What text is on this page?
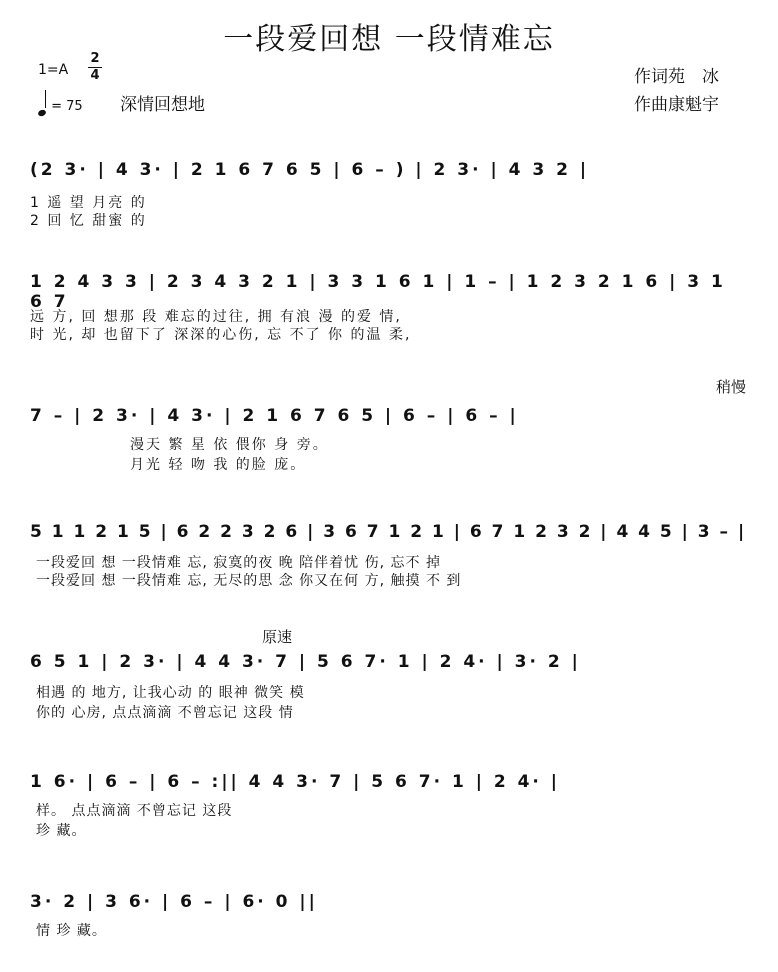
一段爱回想 一段情难忘
1=A
2
4
= 75 深情回想地
作词苑　冰
作曲康魁宇
(2 3· | 4 3· | 2 1 6 7 6 5 | 6 – ) | 2 3· | 4 3 2 |
1 遥 望 月亮 的
2 回 忆 甜蜜 的
1 2 4 3 3 | 2 3 4 3 2 1 | 3 3 1 6 1 | 1 – | 1 2 3 2 1 6 | 3 1 6 7
远 方, 回 想那 段 难忘的过往, 拥 有浪 漫 的爱 情,
时 光, 却 也留下了 深深的心伤, 忘 不了 你 的温 柔,
稍慢
7 – | 2 3· | 4 3· | 2 1 6 7 6 5 | 6 – | 6 – |
漫天 繁 星 依 偎你 身 旁。
月光 轻 吻 我 的脸 庞。
5 1 1 2 1 5 | 6 2 2 3 2 6 | 3 6 7 1 2 1 | 6 7 1 2 3 2 | 4 4 5 | 3 – |
一段爱回 想 一段情难 忘, 寂寞的夜 晚 陪伴着忧 伤, 忘不 掉
一段爱回 想 一段情难 忘, 无尽的思 念 你又在何 方, 触摸 不 到
原速
6 5 1 | 2 3· | 4 4 3· 7 | 5 6 7· 1 | 2 4· | 3· 2 |
相遇 的 地方, 让我心动 的 眼神 微笑 模
你的 心房, 点点滴滴 不曾忘记 这段 情
1 6· | 6 – | 6 – :|| 4 4 3· 7 | 5 6 7· 1 | 2 4· |
样。 点点滴滴 不曾忘记 这段
珍 藏。
3· 2 | 3 6· | 6 – | 6· 0 ||
情 珍 藏。
